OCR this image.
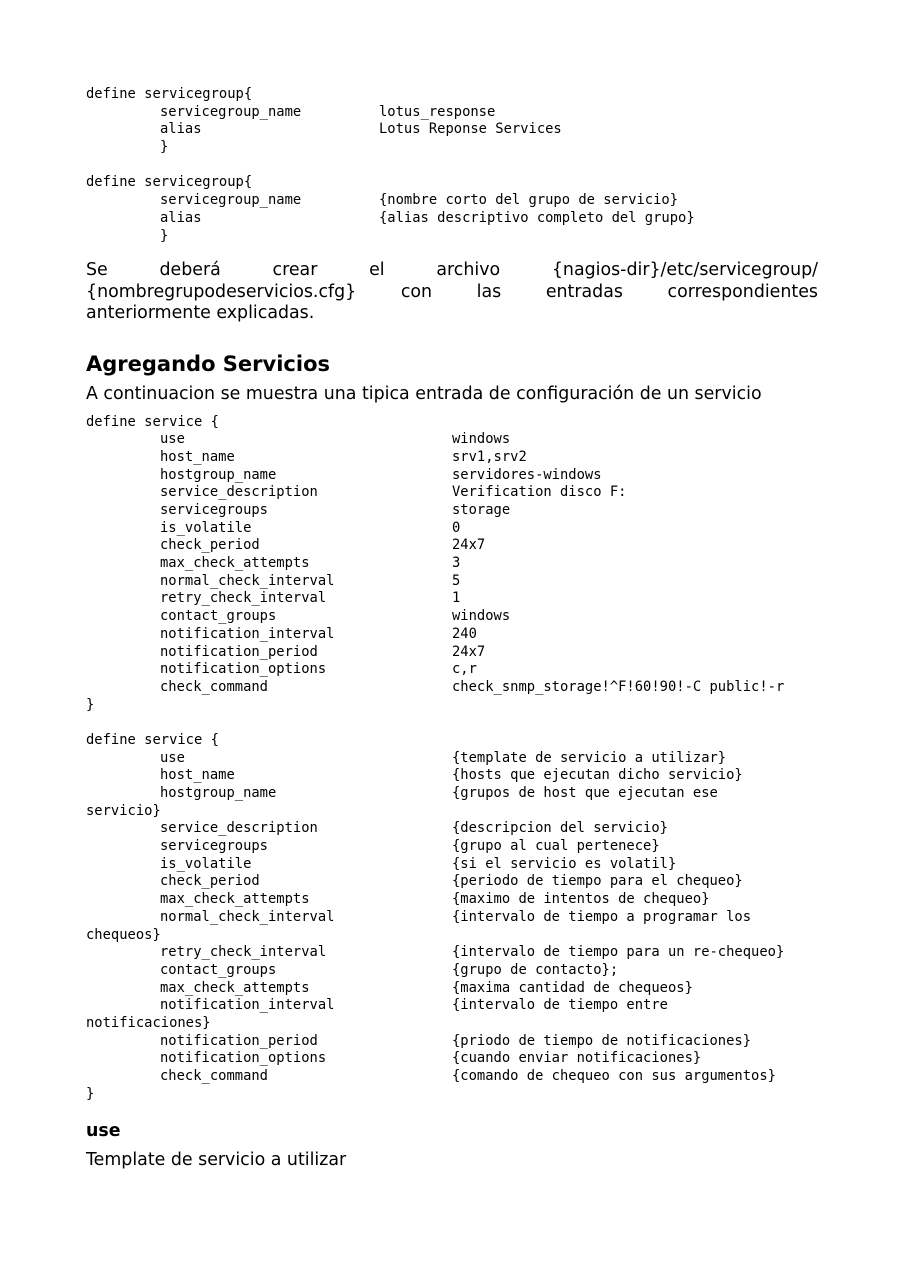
define servicegroup{
servicegroup_name	lotus_response
alias	Lotus Reponse Services
}
define servicegroup{
servicegroup_name	{nombre corto del grupo de servicio}
alias	{alias descriptivo completo del grupo}
}
Se deberá crear el archivo {nagios-dir}/etc/servicegroup/
{nombregrupodeservicios.cfg} con las entradas correspondientes
anteriormente explicadas.
Agregando Servicios
A continuacion se muestra una tipica entrada de configuración de un servicio
define service {
use	windows
host_name	srv1,srv2
hostgroup_name	servidores-windows
service_description	Verification disco F:
servicegroups	storage
is_volatile	0
check_period	24x7
max_check_attempts	3
normal_check_interval	5
retry_check_interval	1
contact_groups	windows
notification_interval	240
notification_period	24x7
notification_options	c,r
check_command	check_snmp_storage!^F!60!90!-C public!-r
}
define service {
use	{template de servicio a utilizar}
host_name	{hosts que ejecutan dicho servicio}
hostgroup_name	{grupos de host que ejecutan ese
servicio}
service_description	{descripcion del servicio}
servicegroups	{grupo al cual pertenece}
is_volatile	{si el servicio es volatil}
check_period	{periodo de tiempo para el chequeo}
max_check_attempts	{maximo de intentos de chequeo}
normal_check_interval	{intervalo de tiempo a programar los
chequeos}
retry_check_interval	{intervalo de tiempo para un re-chequeo}
contact_groups	{grupo de contacto};
max_check_attempts	{maxima cantidad de chequeos}
notification_interval	{intervalo de tiempo entre
notificaciones}
notification_period	{priodo de tiempo de notificaciones}
notification_options	{cuando enviar notificaciones}
check_command	{comando de chequeo con sus argumentos}
}
use
Template de servicio a utilizar
